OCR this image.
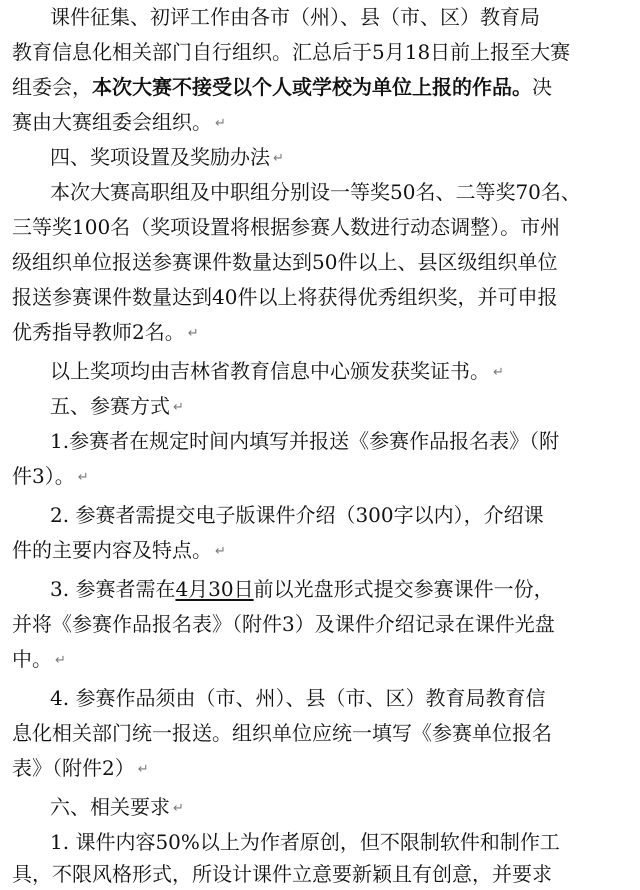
课件征集、初评工作由各市（州）、县（市、区）教育局
教育信息化相关部门自行组织。汇总后于5月18日前上报至大赛
组委会，本次大赛不接受以个人或学校为单位上报的作品。决
赛由大赛组委会组织。 ↵
四、奖项设置及奖励办法 ↵
本次大赛高职组及中职组分别设一等奖50名、二等奖70名、
三等奖100名（奖项设置将根据参赛人数进行动态调整）。市州
级组织单位报送参赛课件数量达到50件以上、县区级组织单位
报送参赛课件数量达到40件以上将获得优秀组织奖，并可申报
优秀指导教师2名。 ↵
以上奖项均由吉林省教育信息中心颁发获奖证书。 ↵
五、参赛方式 ↵
1.参赛者在规定时间内填写并报送《参赛作品报名表》（附
件3）。 ↵
2. 参赛者需提交电子版课件介绍（300字以内），介绍课
件的主要内容及特点。 ↵
3. 参赛者需在4月30日前以光盘形式提交参赛课件一份，
并将《参赛作品报名表》（附件3）及课件介绍记录在课件光盘
中。 ↵
4. 参赛作品须由（市、州）、县（市、区）教育局教育信
息化相关部门统一报送。组织单位应统一填写《参赛单位报名
表》（附件2） ↵
六、相关要求 ↵
1. 课件内容50%以上为作者原创，但不限制软件和制作工
具，不限风格形式，所设计课件立意要新颖且有创意，并要求
